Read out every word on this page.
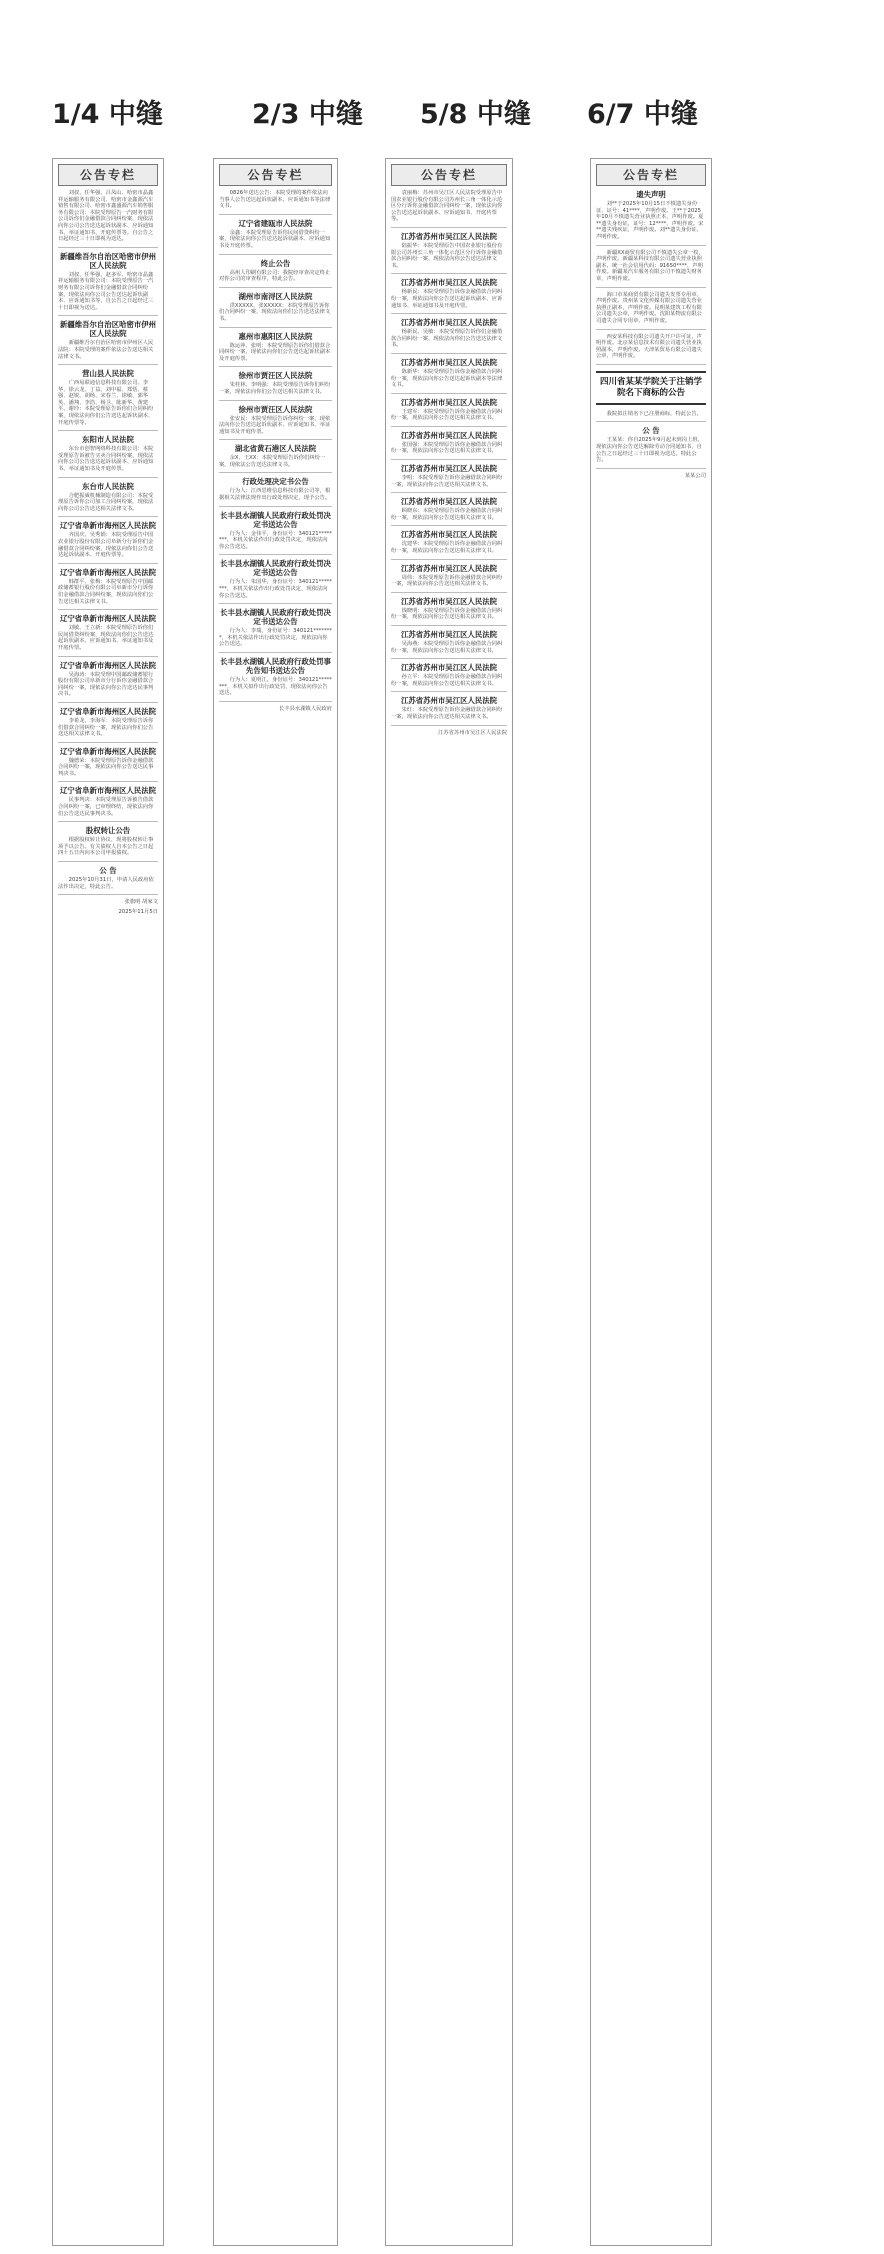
1/4 中缝	2/3 中缝 5/8 中缝 6/7 中缝
公告专栏

刘叔、任华强、吕凤山、哈密市晶鑫祥运输服务有限公司、哈密市金鑫源汽车销售有限公司、哈密市鑫盛源汽车销售服务有限公司：本院受理原告一汽财务有限公司诉你们金融借款合同纠纷案，现依法向你公司公告送达起诉状副本、应诉通知书、举证通知书、开庭传票等。自公告之日起经过三十日即视为送达。

新疆维吾尔自治区哈密市伊州区人民法院

刘叔、任华强、赵多军、哈密市晶鑫祥运输服务有限公司：本院受理原告一汽财务有限公司诉你们金融借款合同纠纷案，现依法向你公司公告送达起诉状副本、应诉通知书等，自公告之日起经过三十日即视为送达。

新疆维吾尔自治区哈密市伊州区人民法院

新疆维吾尔自治区哈密市伊州区人民法院：本院受理的案件依法公告送达相关法律文书。

营山县人民法院

广西易联通信息科技有限公司、李华、徐云龙、丁益、刘中福、郑恬、蔡强、赵锐、胡杨、宋春兰、徐敏、郭华英、潘翔、李浩、杨卫、陈新华、黄建平、谢玲：本院受理原告诉你们合同纠纷案，现依法向你们公告送达起诉状副本、开庭传票等。

东阳市人民法院

东台市创智网络科技有限公司：本院受理原告诉被告买卖合同纠纷案，现依法向你公司公告送达起诉状副本、应诉通知书、举证通知书及开庭传票。

东台市人民法院

合肥振威机械制造有限公司：本院受理原告诉你公司加工合同纠纷案，现依法向你公司公告送达相关法律文书。

辽宁省阜新市海州区人民法院

齐国庆、吴秀娟：本院受理原告中国农业银行股份有限公司阜新分行诉你们金融借款合同纠纷案，现依法向你们公告送达起诉状副本、开庭传票等。

辽宁省阜新市海州区人民法院

韩群平、张梅：本院受理原告中国邮政储蓄银行股份有限公司阜新市分行诉你们金融借款合同纠纷案，现依法向你们公告送达相关法律文书。

辽宁省阜新市海州区人民法院

刘敏、王立新：本院受理原告诉你们民间借贷纠纷案，现依法向你们公告送达起诉状副本、应诉通知书、举证通知书及开庭传票。

辽宁省阜新市海州区人民法院

吴海涛：本院受理中国邮政储蓄银行股份有限公司阜新市分行诉你金融借款合同纠纷一案，现依法向你公告送达民事判决书。

辽宁省阜新市海州区人民法院

李希龙、李海军：本院受理原告诉你们借款合同纠纷一案，现依法向你们公告送达相关法律文书。

辽宁省阜新市海州区人民法院

魏德荣：本院受理原告诉你金融借款合同纠纷一案，现依法向你公告送达民事判决书。

辽宁省阜新市海州区人民法院

民事判决：本院受理原告诉被告借款合同纠纷一案，已审理终结，现依法向你们公告送达民事判决书。

股权转让公告

根据股权转让协议，现将股权转让事项予以公告。有关债权人自本公告之日起四十五日内向本公司申报债权。

公 告

2025年10月31日，申请人民政府依法作出决定，特此公告。

张旗明 胡家文
2025年11月5日
公告专栏

0826年送达公告：本院受理的案件依法向当事人公告送达起诉状副本、应诉通知书等法律文书。

辽宁省建瓯市人民法院

余鑫：本院受理原告诉你民间借贷纠纷一案，现依法向你公告送达起诉状副本、应诉通知书及开庭传票。

终止公告

高州人印刷有限公司：我院经审查决定终止对你公司的审查程序，特此公告。

湖州市南浔区人民法院

洪XXXXX、张XXXXX：本院受理原告诉你们合同纠纷一案，现依法向你们公告送达法律文书。

惠州市惠阳区人民法院

陈运萍、张明：本院受理原告诉你们借款合同纠纷一案，现依法向你们公告送达起诉状副本及开庭传票。

徐州市贾汪区人民法院

朱桂林、李明强：本院受理原告诉你们纠纷一案，现依法向你们公告送达相关法律文书。

徐州市贾汪区人民法院

张安民：本院受理原告诉你纠纷一案，现依法向你公告送达起诉状副本、应诉通知书、举证通知书及开庭传票。

湖北省黄石港区人民法院

余X、王XX：本院受理原告诉你们纠纷一案，现依法公告送达法律文书。

行政处理决定书公告

行为人：江西思维信息科技有限公司等，根据相关法律法规作出行政处理决定，现予公告。

长丰县水湖镇人民政府行政处罚决定书送达公告

行为人：金伟平，身份证号：340121********，本机关依法作出行政处罚决定，现依法向你公告送达。

长丰县水湖镇人民政府行政处罚决定书送达公告

行为人：朱国华，身份证号：340121********，本机关依法作出行政处罚决定，现依法向你公告送达。

长丰县水湖镇人民政府行政处罚决定书送达公告

行为人：李瑞，身份证号：340121********，本机关依法作出行政处罚决定，现依法向你公告送达。

长丰县水湖镇人民政府行政处罚事先告知书送达公告

行为人：夏明江，身份证号：340121********，本机关拟作出行政处罚，现依法向你公告送达。

长丰县水湖镇人民政府
公告专栏

袁丽梅：苏州市吴江区人民法院受理原告中国农业银行股份有限公司苏州长三角一体化示范区分行诉你金融借款合同纠纷一案，现依法向你公告送达起诉状副本、应诉通知书、开庭传票等。

江苏省苏州市吴江区人民法院

陆振华：本院受理原告中国农业银行股份有限公司苏州长三角一体化示范区分行诉你金融借款合同纠纷一案，现依法向你公告送达法律文书。

江苏省苏州市吴江区人民法院

杨新民：本院受理原告诉你金融借款合同纠纷一案，现依法向你公告送达起诉状副本、应诉通知书、举证通知书及开庭传票。

江苏省苏州市吴江区人民法院

杨新民、吴敏：本院受理原告诉你们金融借款合同纠纷一案，现依法向你们公告送达法律文书。

江苏省苏州市吴江区人民法院

陈新华：本院受理原告诉你金融借款合同纠纷一案，现依法向你公告送达起诉状副本等法律文书。

江苏省苏州市吴江区人民法院

王建军：本院受理原告诉你金融借款合同纠纷一案，现依法向你公告送达相关法律文书。

江苏省苏州市吴江区人民法院

张国强：本院受理原告诉你金融借款合同纠纷一案，现依法向你公告送达相关法律文书。

江苏省苏州市吴江区人民法院

李明：本院受理原告诉你金融借款合同纠纷一案，现依法向你公告送达相关法律文书。

江苏省苏州市吴江区人民法院

顾晓东：本院受理原告诉你金融借款合同纠纷一案，现依法向你公告送达相关法律文书。

江苏省苏州市吴江区人民法院

沈建华：本院受理原告诉你金融借款合同纠纷一案，现依法向你公告送达相关法律文书。

江苏省苏州市吴江区人民法院

周伟：本院受理原告诉你金融借款合同纠纷一案，现依法向你公告送达相关法律文书。

江苏省苏州市吴江区人民法院

钱晓明：本院受理原告诉你金融借款合同纠纷一案，现依法向你公告送达相关法律文书。

江苏省苏州市吴江区人民法院

吴海燕：本院受理原告诉你金融借款合同纠纷一案，现依法向你公告送达相关法律文书。

江苏省苏州市吴江区人民法院

孙立平：本院受理原告诉你金融借款合同纠纷一案，现依法向你公告送达相关法律文书。

江苏省苏州市吴江区人民法院

朱红：本院受理原告诉你金融借款合同纠纷一案，现依法向你公告送达相关法律文书。

江苏省苏州市吴江区人民法院
公告专栏
遗失声明

刘**于2025年10月15日不慎遗失身份证，证号：41****，声明作废。王**于2025年10月不慎遗失营业执照正本，声明作废。夏**遗失身份证，证号：12****，声明作废。宋**遗失残疾证，声明作废。刘**遗失身份证，声明作废。

新疆XX商贸有限公司不慎遗失公章一枚，声明作废。新疆某科技有限公司遗失营业执照副本，统一社会信用代码：91650****，声明作废。新疆某汽车服务有限公司不慎遗失财务章，声明作废。

海口市某商贸有限公司遗失发票专用章，声明作废。贵州某文化传媒有限公司遗失营业执照正副本，声明作废。昆明某建筑工程有限公司遗失公章，声明作废。沈阳某物流有限公司遗失合同专用章，声明作废。

西安某科技有限公司遗失开户许可证，声明作废。北京某信息技术有限公司遗失营业执照副本，声明作废。天津某贸易有限公司遗失公章，声明作废。

四川省某某学院关于注销学院名下商标的公告

我院拟注销名下已注册商标，特此公告。

公 告

王某某：你自2025年9月起未到岗上班，现依法向你公告送达解除劳动合同通知书，自公告之日起经过三十日即视为送达。特此公告。

某某公司
